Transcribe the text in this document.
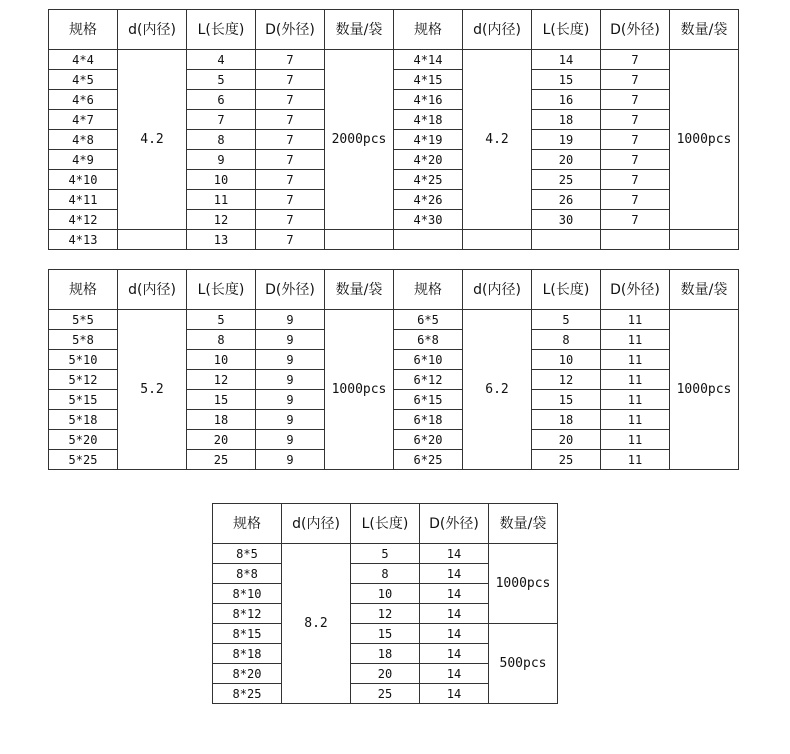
规格	d(内径)	L(长度)	D(外径)	数量/袋	规格	d(内径)	L(长度)	D(外径)	数量/袋
4*4	4.2	4	7	2000pcs	4*14	4.2	14	7	1000pcs
4*5		5	7		4*15		15	7	
4*6		6	7		4*16		16	7	
4*7		7	7		4*18		18	7	
4*8		8	7		4*19		19	7	
4*9		9	7		4*20		20	7	
4*10		10	7		4*25		25	7	
4*11		11	7		4*26		26	7	
4*12		12	7		4*30		30	7	
4*13		13	7						
规格	d(内径)	L(长度)	D(外径)	数量/袋	规格	d(内径)	L(长度)	D(外径)	数量/袋
5*5	5.2	5	9	1000pcs	6*5	6.2	5	11	1000pcs
5*8		8	9		6*8		8	11	
5*10		10	9		6*10		10	11	
5*12		12	9		6*12		12	11	
5*15		15	9		6*15		15	11	
5*18		18	9		6*18		18	11	
5*20		20	9		6*20		20	11	
5*25		25	9		6*25		25	11	
规格	d(内径)	L(长度)	D(外径)	数量/袋
8*5	8.2	5	14	1000pcs
8*8		8	14	
8*10		10	14	
8*12		12	14	
8*15		15	14	500pcs
8*18		18	14	
8*20		20	14	
8*25		25	14	
